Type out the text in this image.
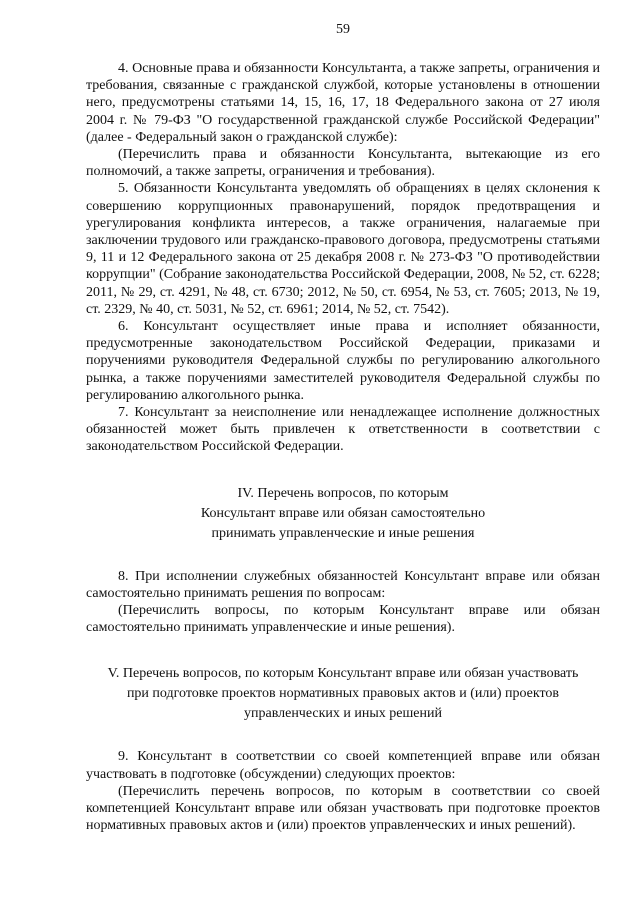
59

4. Основные права и обязанности Консультанта, а также запреты, ограничения и требования, связанные с гражданской службой, которые установлены в отношении него, предусмотрены статьями 14, 15, 16, 17, 18 Федерального закона от 27 июля 2004 г. № 79-ФЗ "О государственной гражданской службе Российской Федерации" (далее - Федеральный закон о гражданской службе):

(Перечислить права и обязанности Консультанта, вытекающие из его полномочий, а также запреты, ограничения и требования).

5. Обязанности Консультанта уведомлять об обращениях в целях склонения к совершению коррупционных правонарушений, порядок предотвращения и урегулирования конфликта интересов, а также ограничения, налагаемые при заключении трудового или гражданско-правового договора, предусмотрены статьями 9, 11 и 12 Федерального закона от 25 декабря 2008 г. № 273-ФЗ "О противодействии коррупции" (Собрание законодательства Российской Федерации, 2008, № 52, ст. 6228; 2011, № 29, ст. 4291, № 48, ст. 6730; 2012, № 50, ст. 6954, № 53, ст. 7605; 2013, № 19, ст. 2329, № 40, ст. 5031, № 52, ст. 6961; 2014, № 52, ст. 7542).

6. Консультант осуществляет иные права и исполняет обязанности, предусмотренные законодательством Российской Федерации, приказами и поручениями руководителя Федеральной службы по регулированию алкогольного рынка, а также поручениями заместителей руководителя Федеральной службы по регулированию алкогольного рынка.

7. Консультант за неисполнение или ненадлежащее исполнение должностных обязанностей может быть привлечен к ответственности в соответствии с законодательством Российской Федерации.

IV. Перечень вопросов, по которым
Консультант вправе или обязан самостоятельно
принимать управленческие и иные решения

8. При исполнении служебных обязанностей Консультант вправе или обязан самостоятельно принимать решения по вопросам:

(Перечислить вопросы, по которым Консультант вправе или обязан самостоятельно принимать управленческие и иные решения).

V. Перечень вопросов, по которым Консультант вправе или обязан участвовать
при подготовке проектов нормативных правовых актов и (или) проектов
управленческих и иных решений

9. Консультант в соответствии со своей компетенцией вправе или обязан участвовать в подготовке (обсуждении) следующих проектов:

(Перечислить перечень вопросов, по которым в соответствии со своей компетенцией Консультант вправе или обязан участвовать при подготовке проектов нормативных правовых актов и (или) проектов управленческих и иных решений).
